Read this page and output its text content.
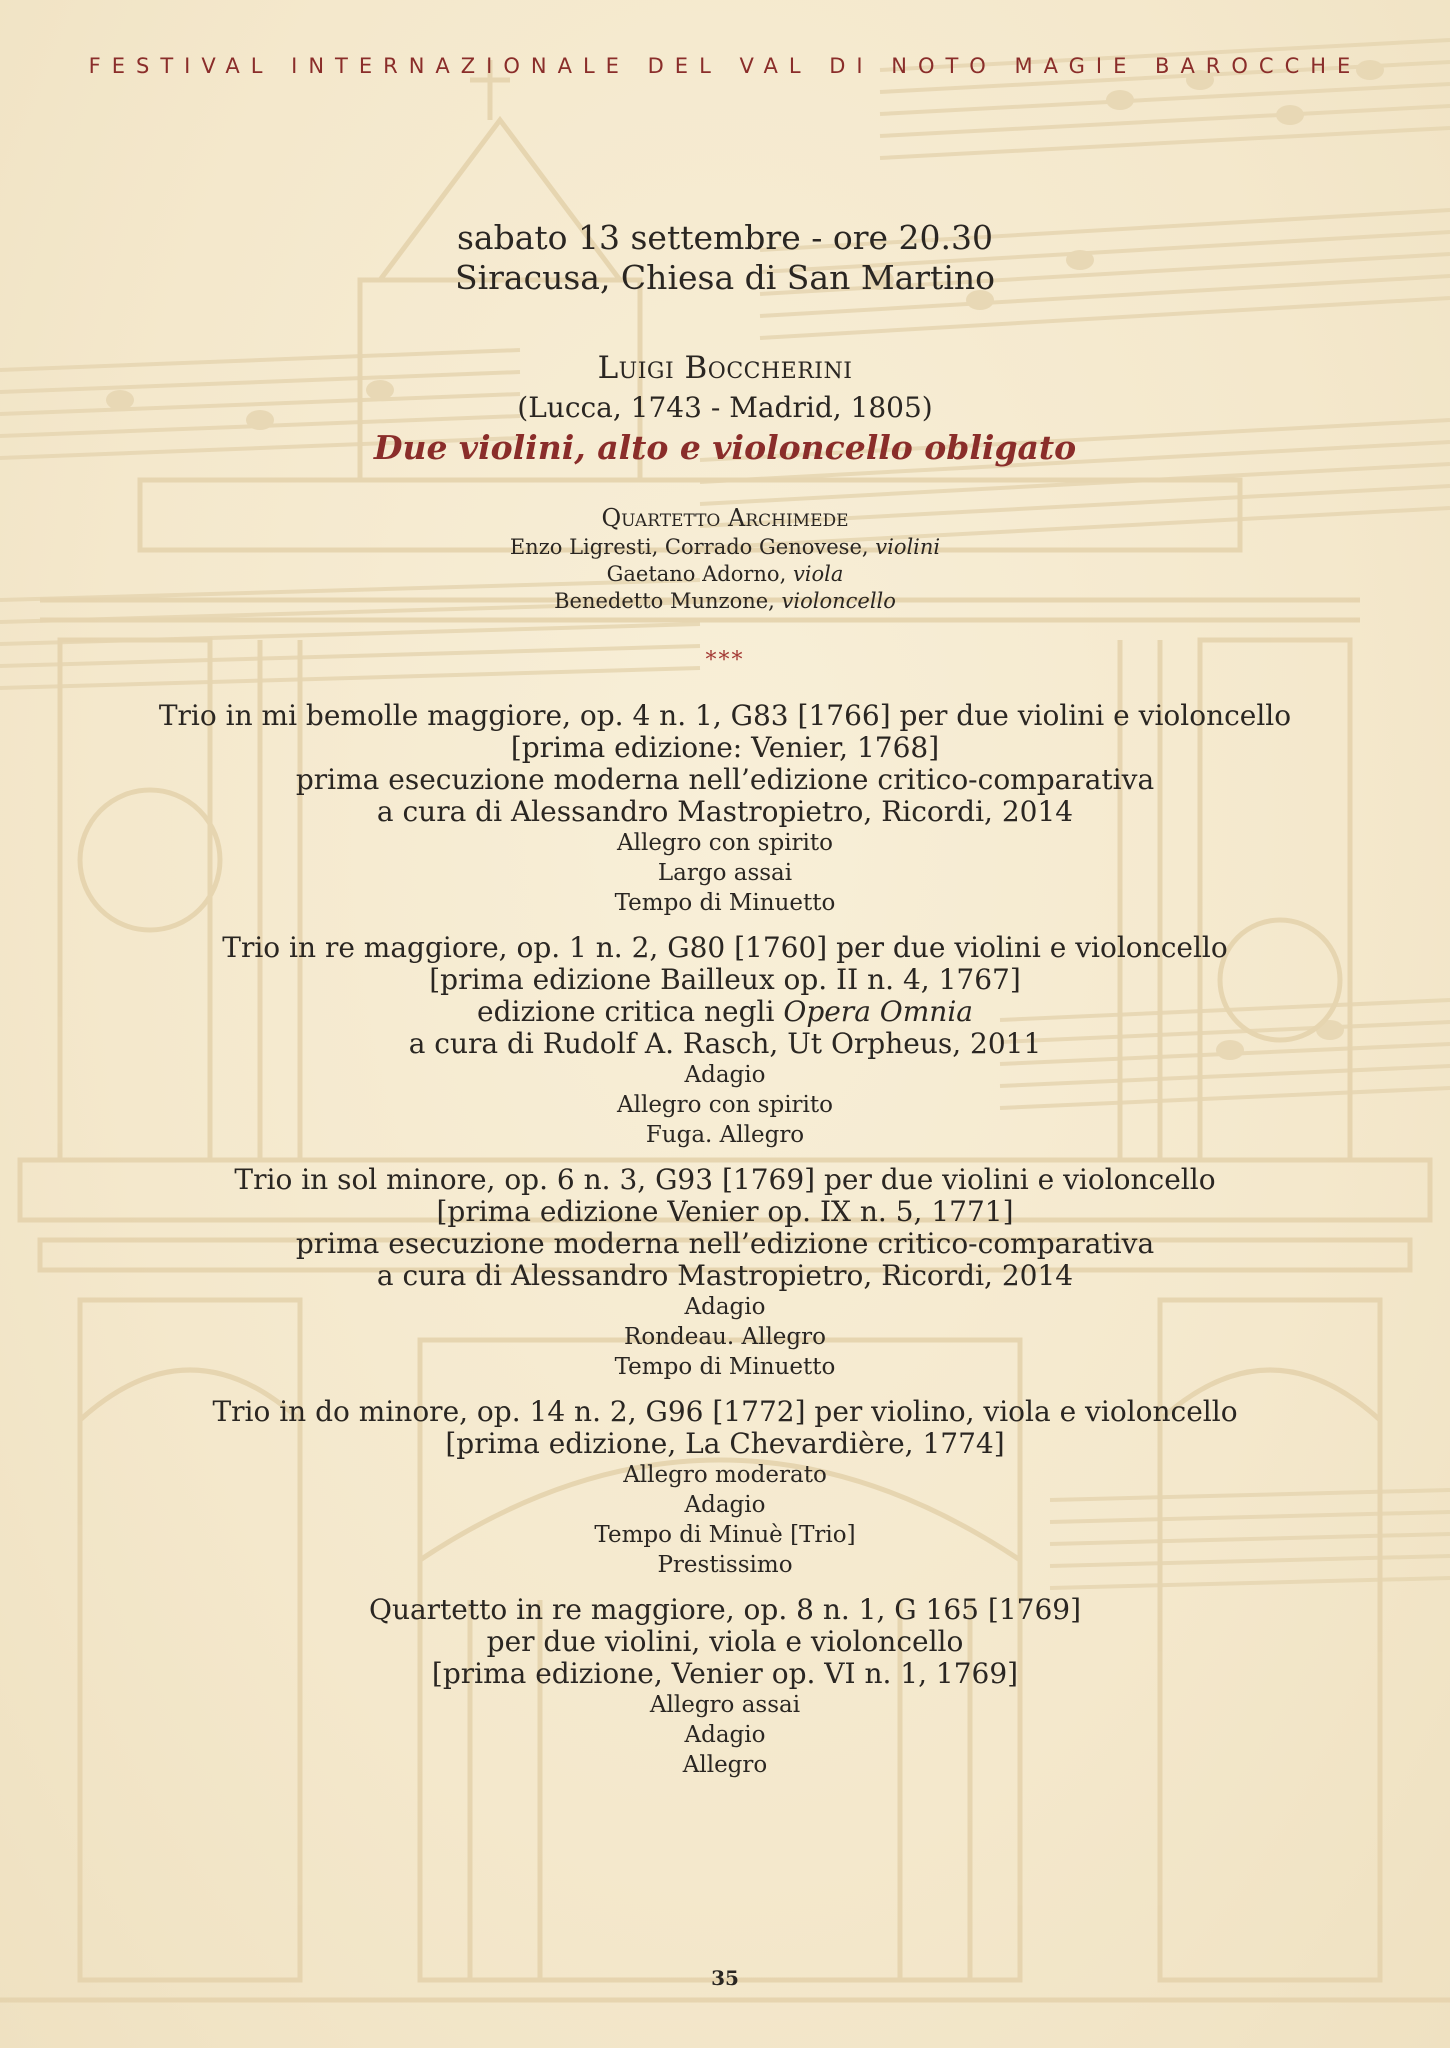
FESTIVAL INTERNAZIONALE DEL VAL DI NOTO MAGIE BAROCCHE
sabato 13 settembre - ore 20.30
Siracusa, Chiesa di San Martino
Luigi Boccherini
(Lucca, 1743 - Madrid, 1805)
Due violini, alto e violoncello obligato
Quartetto Archimede
Enzo Ligresti, Corrado Genovese, violini
Gaetano Adorno, viola
Benedetto Munzone, violoncello
***
Trio in mi bemolle maggiore, op. 4 n. 1, G83 [1766] per due violini e violoncello
[prima edizione: Venier, 1768]
prima esecuzione moderna nell’edizione critico-comparativa
a cura di Alessandro Mastropietro, Ricordi, 2014
Allegro con spirito
Largo assai
Tempo di Minuetto
Trio in re maggiore, op. 1 n. 2, G80 [1760] per due violini e violoncello
[prima edizione Bailleux op. II n. 4, 1767]
edizione critica negli Opera Omnia
a cura di Rudolf A. Rasch, Ut Orpheus, 2011
Adagio
Allegro con spirito
Fuga. Allegro
Trio in sol minore, op. 6 n. 3, G93 [1769] per due violini e violoncello
[prima edizione Venier op. IX n. 5, 1771]
prima esecuzione moderna nell’edizione critico-comparativa
a cura di Alessandro Mastropietro, Ricordi, 2014
Adagio
Rondeau. Allegro
Tempo di Minuetto
Trio in do minore, op. 14 n. 2, G96 [1772] per violino, viola e violoncello
[prima edizione, La Chevardière, 1774]
Allegro moderato
Adagio
Tempo di Minuè [Trio]
Prestissimo
Quartetto in re maggiore, op. 8 n. 1, G 165 [1769]
per due violini, viola e violoncello
[prima edizione, Venier op. VI n. 1, 1769]
Allegro assai
Adagio
Allegro
35
